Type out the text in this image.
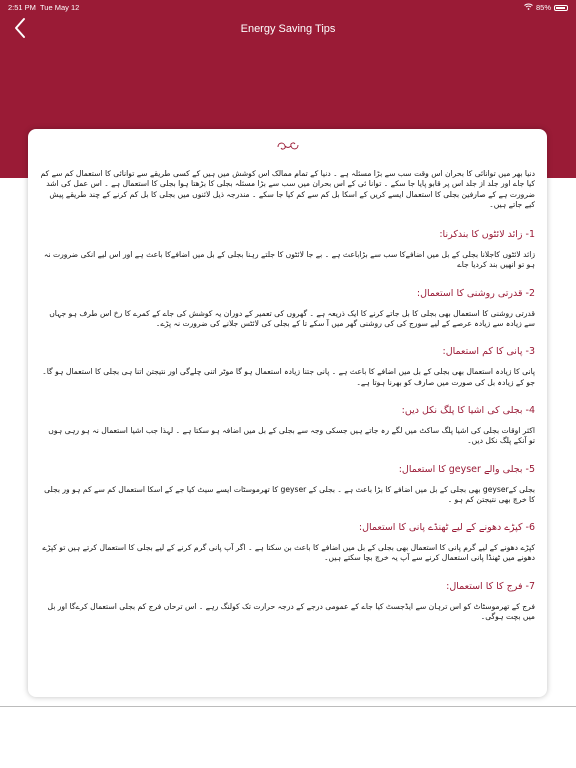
2:51 PM Tue May 12	85%
Energy Saving Tips

دنیا بھر میں توانائی کا بحران اس وقت سب سے بڑا مسئلہ ہے ۔ دنیا کے تمام ممالک اس کوشش میں ہیں کے کسی طریقے سے توانائی کا استعمال کم سے کم کیا جاے اور جلد از جلد اس پر قابو پایا جا سکے ۔ توانا ئی کے اس بحران میں سب سے بڑا مسئلہ بجلی کا بڑھتا ہوا بجلی کا استعمال ہے ۔ اس عمل کی اشد ضرورت ہے کے صارفین بجلی کا استعمال ایسے کریں کے اسکا بل کم سے کم کیا جا سکے ۔ مندرجہ ذیل لائنوں میں بجلی کا بل کم کرنے کے چند طریقے پیش کیے جاتے ہیں۔

1- زائد لائٹوں کا بندکرنا:

زائد لائٹوں کاجلانا بجلی کے بل میں اضافےکا سب سے بڑاباعث ہے ۔ بے جا لائٹوں کا جلتے رہنا بجلی کے بل میں اضافےکا باعث ہے اور اس لیے انکی ضرورت نہ ہو تو انھیں بند کردیا جاے

2- قدرتی روشنی کا استعمال:

قدرتی روشنی کا استعمال بھی بجلی کا بل جاتے کرنے کا ایک ذریعہ ہے ۔ گھروں کی تعمیر کے دوران یہ کوشش کی جاے کے کمرے کا رخ اس طرف ہو جہاں سے زیادہ سے زیادہ عرصے کے لیے سورج کی کی روشنی گھر میں آ سکے تا کے بجلی کی لائٹس جلانے کی ضرورت نہ پڑے۔

3- پانی کا کم استعمال:

پانی کا زیادہ استعمال بھی بجلی کے بل میں اضافے کا باعث ہے ۔ پانی جتنا زیادہ استعمال ہو گا موٹر اتنی چلےگی اور نتیجتن اتنا ہی بجلی کا استعمال ہو گا۔ جو کے زیادہ بل کی صورت میں صارف کو بھرنا ہوتا ہے۔

4- بجلی کی اشیا کا پلگ نکل دیں:

اکثر اوقات بجلی کی اشیا پلگ ساکٹ میں لگے رہ جاتے ہیں جسکی وجہ سے بجلی کے بل میں اضافہ ہو سکتا ہے ۔ لہذا جب اشیا استعمال نہ ہو رہی ہوں تو آنکے پلگ نکل دیں۔

5- بجلی والے geyser کا استعمال:

بجلی کےgeyser بھی بجلی کے بل میں اضافے کا بڑا باعث ہے ۔ بجلی کے geyser کا تھرموسٹات ایسے سیٹ کیا جے کے اسکا استعمال کم سے کم ہو ور بجلی کا خرچ بھی نتیجتن کم ہو ۔

6- کپڑے دھونے کے لیے ٹھنڈے پانی کا استعمال:

کپڑے دھونے کے لیے گرم پانی کا استعمال بھی بجلی کے بل میں اضافے کا باعث بن سکتا ہے ۔ اگر آپ پانی گرم کرنے کے لیے بجلی کا استعمال کرتے ہیں تو کپڑے دھونے میں ٹھنڈا پانی استعمال کرنے سے آپ یہ خرچ بچا سکتے ہیں۔

7- فرج کا کا استعمال:

فرج کے تھرموسٹاٹ کو اس ترہان سے ایڈجسٹ کیا جاے کے عمومی درجے کے درجہ حرارت تک کولنگ رہے ۔ اس ترحاں فرج کم بجلی استعمال کرےگا اور بل میں بچت ہوگی۔
